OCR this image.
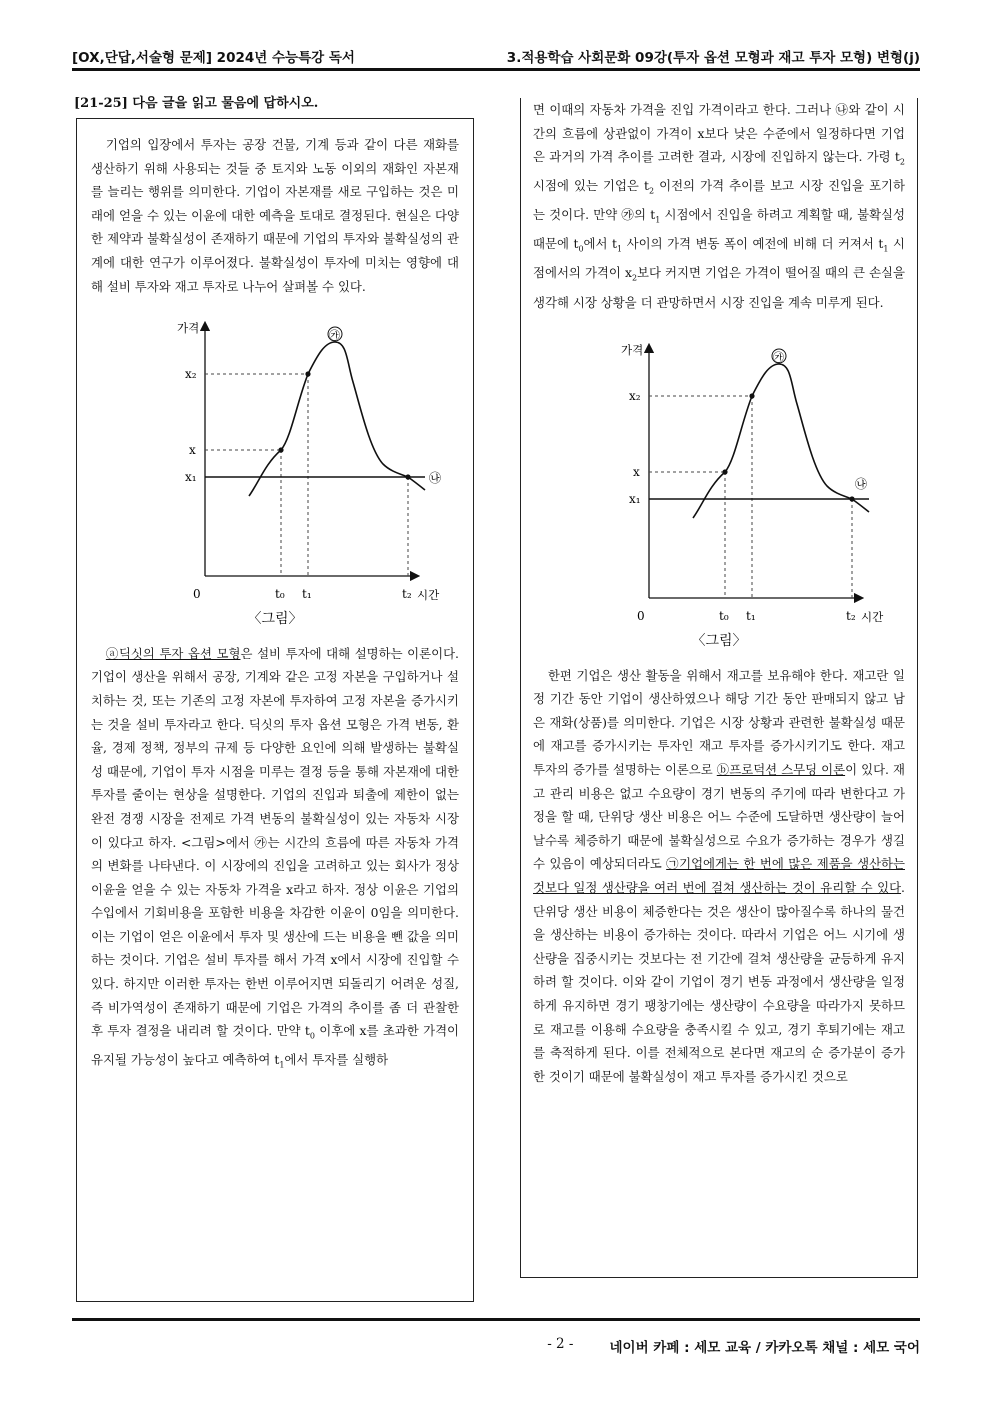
[OX,단답,서술형 문제] 2024년 수능특강 독서	3.적용학습 사회문화 09강(투자 옵션 모형과 재고 투자 모형) 변형(j)
[21-25] 다음 글을 읽고 물음에 답하시오.

기업의 입장에서 투자는 공장 건물, 기계 등과 같이 다른 재화를 생산하기 위해 사용되는 것들 중 토지와 노동 이외의 재화인 자본재를 늘리는 행위를 의미한다. 기업이 자본재를 새로 구입하는 것은 미래에 얻을 수 있는 이윤에 대한 예측을 토대로 결정된다. 현실은 다양한 제약과 불확실성이 존재하기 때문에 기업의 투자와 불확실성의 관계에 대한 연구가 이루어졌다. 불확실성이 투자에 미치는 영향에 대해 설비 투자와 재고 투자로 나누어 살펴볼 수 있다.

가격
시간
x₂
x
x₁
0	t₀ t₁	t₂
㉮
㉯
〈그림〉

ⓐ딕싯의 투자 옵션 모형은 설비 투자에 대해 설명하는 이론이다. 기업이 생산을 위해서 공장, 기계와 같은 고정 자본을 구입하거나 설치하는 것, 또는 기존의 고정 자본에 투자하여 고정 자본을 증가시키는 것을 설비 투자라고 한다. 딕싯의 투자 옵션 모형은 가격 변동, 환율, 경제 정책, 정부의 규제 등 다양한 요인에 의해 발생하는 불확실성 때문에, 기업이 투자 시점을 미루는 결정 등을 통해 자본재에 대한 투자를 줄이는 현상을 설명한다. 기업의 진입과 퇴출에 제한이 없는 완전 경쟁 시장을 전제로 가격 변동의 불확실성이 있는 자동차 시장이 있다고 하자. <그림>에서 ㉮는 시간의 흐름에 따른 자동차 가격의 변화를 나타낸다. 이 시장에의 진입을 고려하고 있는 회사가 정상 이윤을 얻을 수 있는 자동차 가격을 x라고 하자. 정상 이윤은 기업의 수입에서 기회비용을 포함한 비용을 차감한 이윤이 0임을 의미한다. 이는 기업이 얻은 이윤에서 투자 및 생산에 드는 비용을 뺀 값을 의미하는 것이다. 기업은 설비 투자를 해서 가격 x에서 시장에 진입할 수 있다. 하지만 이러한 투자는 한번 이루어지면 되돌리기 어려운 성질, 즉 비가역성이 존재하기 때문에 기업은 가격의 추이를 좀 더 관찰한 후 투자 결정을 내리려 할 것이다. 만약 $t_0$ 이후에 x를 초과한 가격이 유지될 가능성이 높다고 예측하여 $t_1$에서 투자를 실행하

면 이때의 자동차 가격을 진입 가격이라고 한다. 그러나 ㉯와 같이 시간의 흐름에 상관없이 가격이 x보다 낮은 수준에서 일정하다면 기업은 과거의 가격 추이를 고려한 결과, 시장에 진입하지 않는다. 가령 $t_2$ 시점에 있는 기업은 $t_2$ 이전의 가격 추이를 보고 시장 진입을 포기하는 것이다. 만약 ㉮의 $t_1$ 시점에서 진입을 하려고 계획할 때, 불확실성 때문에 $t_0$에서 $t_1$ 사이의 가격 변동 폭이 예전에 비해 더 커져서 $t_1$ 시점에서의 가격이 $x_2$보다 커지면 기업은 가격이 떨어질 때의 큰 손실을 생각해 시장 상황을 더 관망하면서 시장 진입을 계속 미루게 된다.

가격
시간
x₂
x
x₁
0	t₀ t₁	t₂
㉮
㉯
〈그림〉

한편 기업은 생산 활동을 위해서 재고를 보유해야 한다. 재고란 일정 기간 동안 기업이 생산하였으나 해당 기간 동안 판매되지 않고 남은 재화(상품)를 의미한다. 기업은 시장 상황과 관련한 불확실성 때문에 재고를 증가시키는 투자인 재고 투자를 증가시키기도 한다. 재고 투자의 증가를 설명하는 이론으로 ⓑ프로덕션 스무딩 이론이 있다. 재고 관리 비용은 없고 수요량이 경기 변동의 주기에 따라 변한다고 가정을 할 때, 단위당 생산 비용은 어느 수준에 도달하면 생산량이 늘어날수록 체증하기 때문에 불확실성으로 수요가 증가하는 경우가 생길 수 있음이 예상되더라도 ㉠기업에게는 한 번에 많은 제품을 생산하는 것보다 일정 생산량을 여러 번에 걸쳐 생산하는 것이 유리할 수 있다. 단위당 생산 비용이 체증한다는 것은 생산이 많아질수록 하나의 물건을 생산하는 비용이 증가하는 것이다. 따라서 기업은 어느 시기에 생산량을 집중시키는 것보다는 전 기간에 걸쳐 생산량을 균등하게 유지하려 할 것이다. 이와 같이 기업이 경기 변동 과정에서 생산량을 일정하게 유지하면 경기 팽창기에는 생산량이 수요량을 따라가지 못하므로 재고를 이용해 수요량을 충족시킬 수 있고, 경기 후퇴기에는 재고를 축적하게 된다. 이를 전체적으로 본다면 재고의 순 증가분이 증가한 것이기 때문에 불확실성이 재고 투자를 증가시킨 것으로

- 2 -	네이버 카페 : 세모 교육 / 카카오톡 채널 : 세모 국어
